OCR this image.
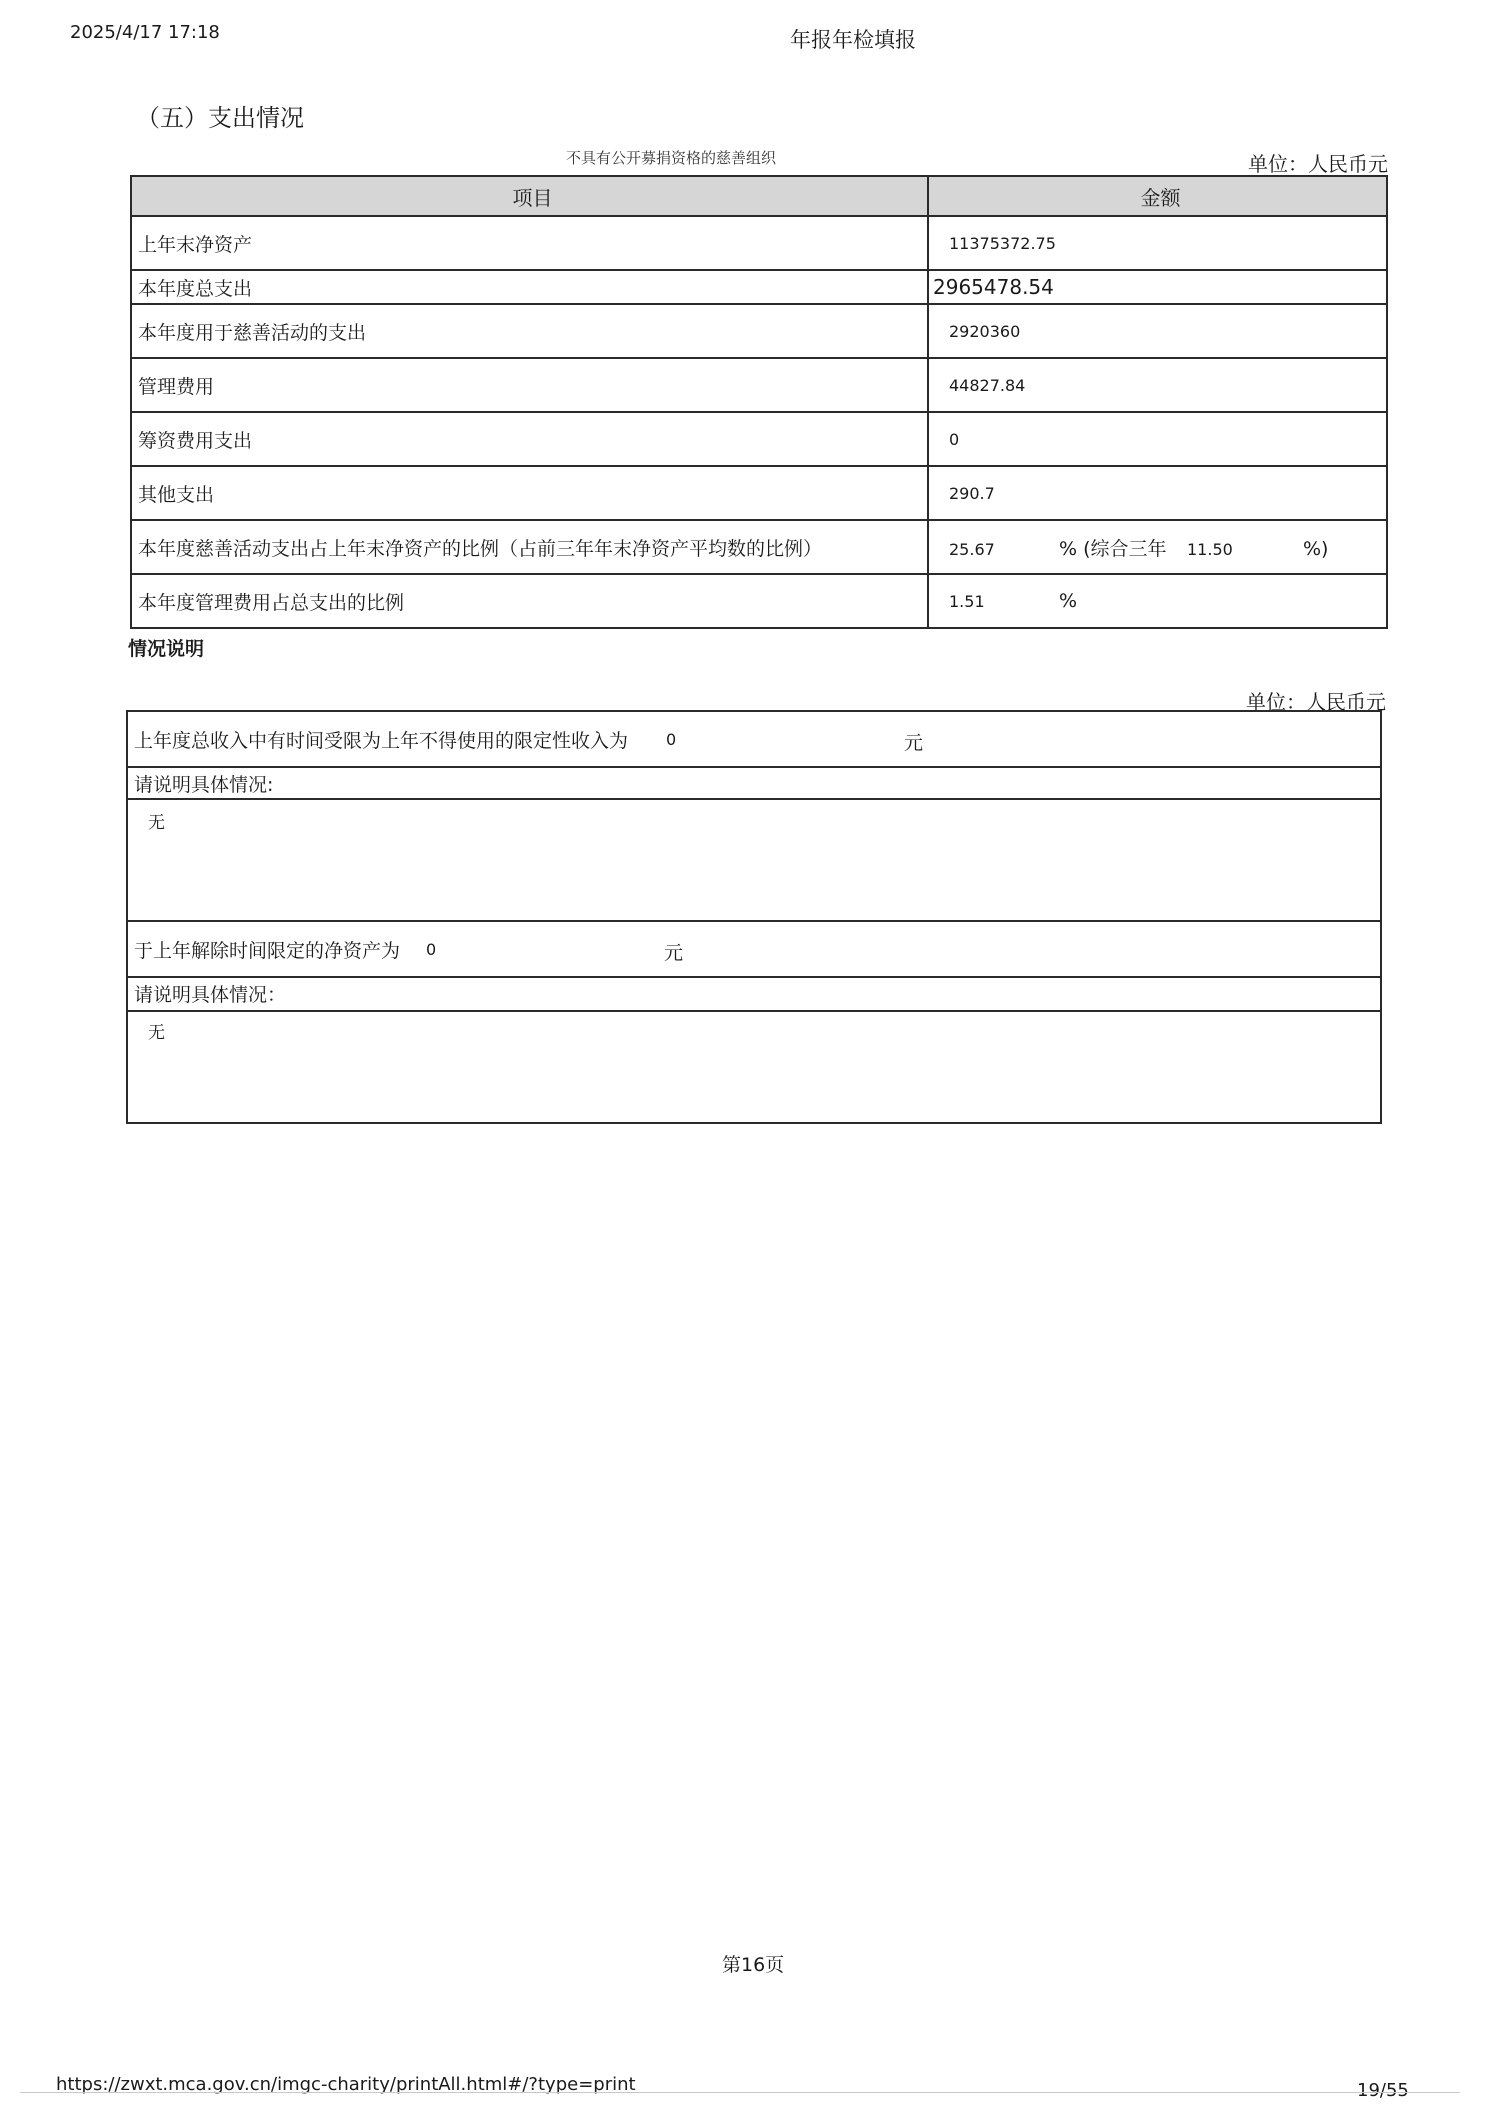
2025/4/17 17:18	年报年检填报
（五）支出情况
不具有公开募捐资格的慈善组织	单位：人民币元
项目	金额
上年末净资产	11375372.75
本年度总支出	2965478.54
本年度用于慈善活动的支出	2920360
管理费用	44827.84
筹资费用支出	0
其他支出	290.7
本年度慈善活动支出占上年末净资产的比例（占前三年年末净资产平均数的比例）	25.67 % (综合三年 11.50 %)
本年度管理费用占总支出的比例	1.51 %
情况说明
单位：人民币元
上年度总收入中有时间受限为上年不得使用的限定性收入为 0	元
请说明具体情况:
无
于上年解除时间限定的净资产为 0	元
请说明具体情况：
无
第16页
https://zwxt.mca.gov.cn/imgc-charity/printAll.html#/?type=print	19/55
